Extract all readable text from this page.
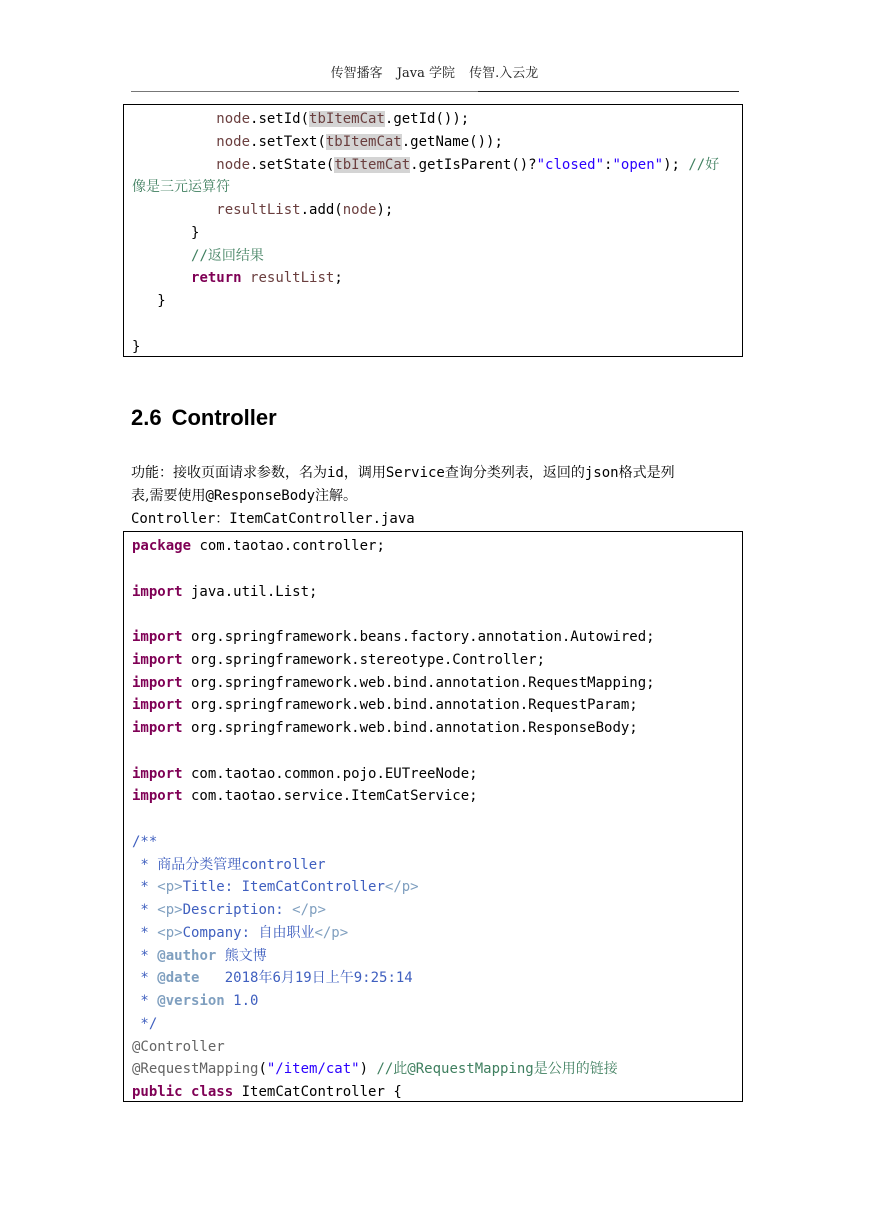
传智播客 Java 学院 传智.入云龙
node.setId(tbItemCat.getId());
node.setText(tbItemCat.getName());
node.setState(tbItemCat.getIsParent()?"closed":"open"); //好
像是三元运算符
resultList.add(node);
}
//返回结果
return resultList;
}
}
2.6 Controller
功能：接收页面请求参数，名为id，调用Service查询分类列表，返回的json格式是列
表,需要使用@ResponseBody注解。
Controller：ItemCatController.java
package com.taotao.controller;
import java.util.List;
import org.springframework.beans.factory.annotation.Autowired;
import org.springframework.stereotype.Controller;
import org.springframework.web.bind.annotation.RequestMapping;
import org.springframework.web.bind.annotation.RequestParam;
import org.springframework.web.bind.annotation.ResponseBody;
import com.taotao.common.pojo.EUTreeNode;
import com.taotao.service.ItemCatService;
/**
* 商品分类管理controller
* <p>Title: ItemCatController</p>
* <p>Description: </p>
* <p>Company: 自由职业</p>
* @author 熊文博
* @date   2018年6月19日上午9:25:14
* @version 1.0
*/
@Controller
@RequestMapping("/item/cat") //此@RequestMapping是公用的链接
public class ItemCatController {
